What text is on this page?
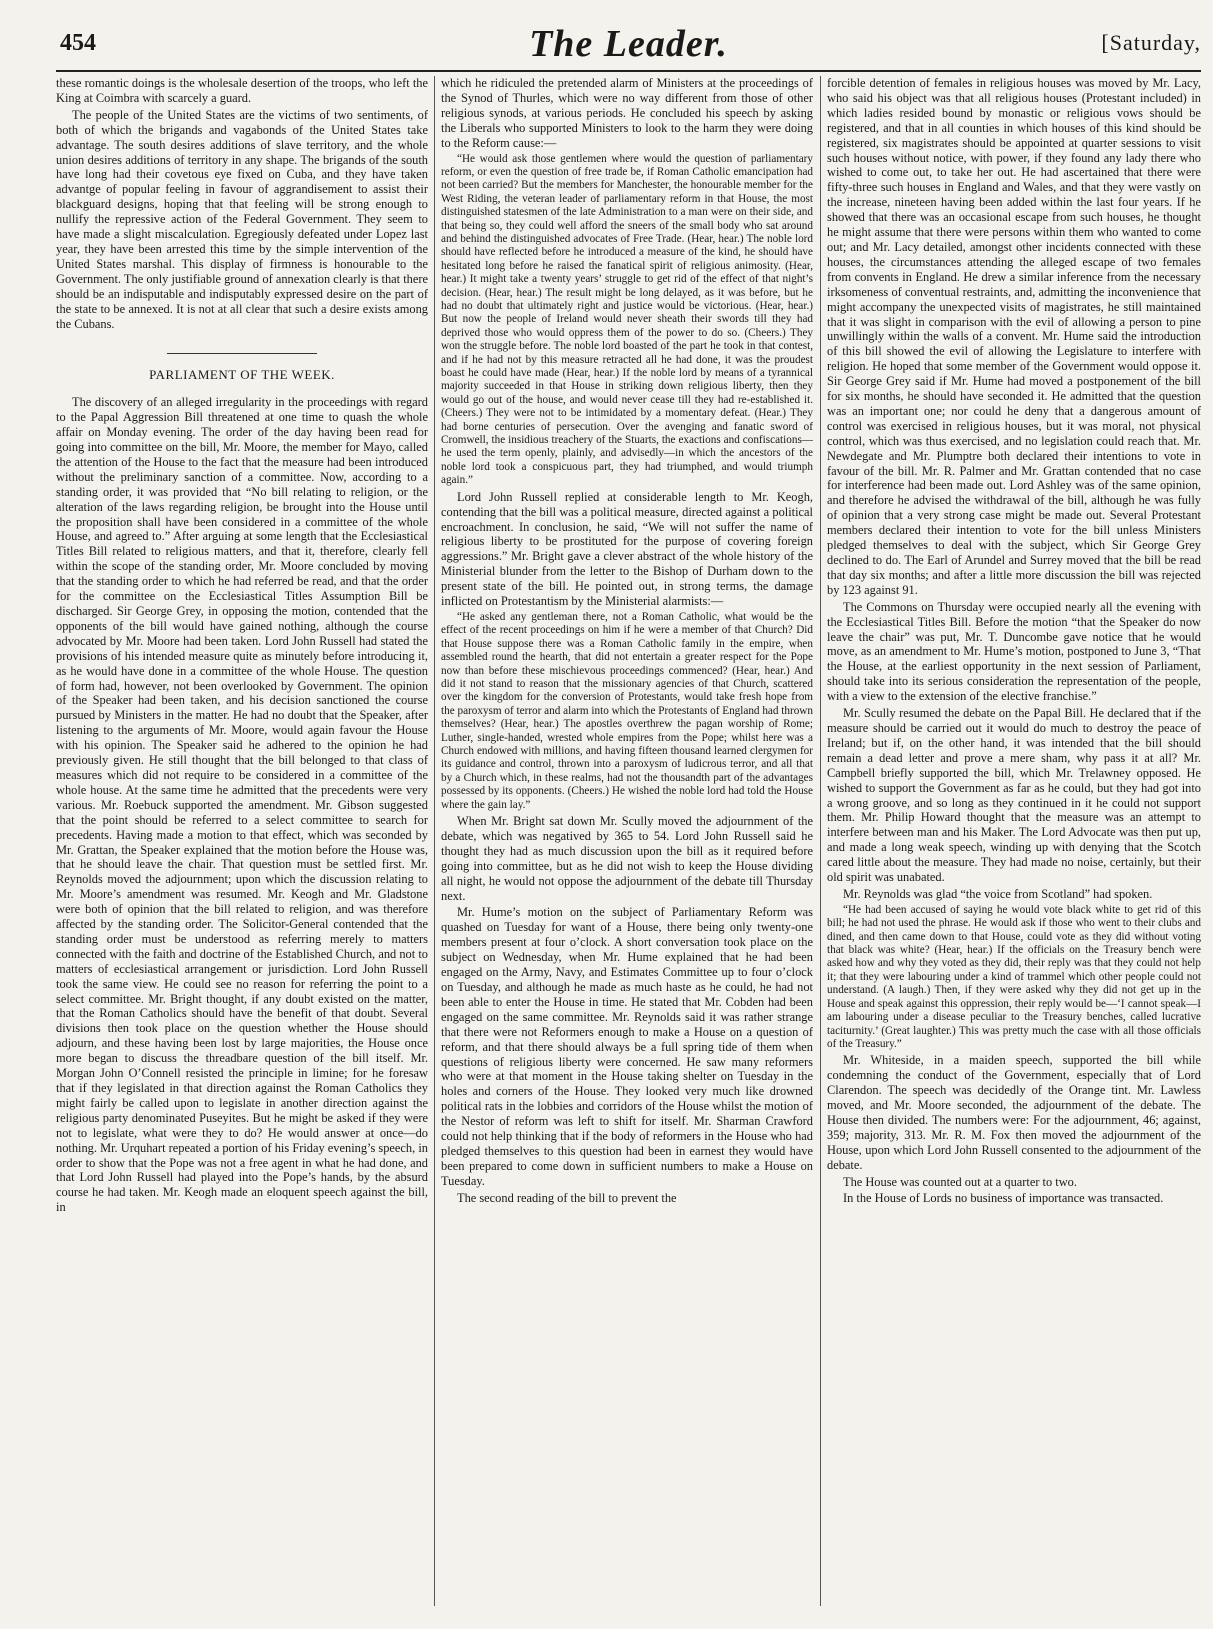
454	The Leader.	[Saturday,

these romantic doings is the wholesale desertion of the troops, who left the King at Coimbra with scarcely a guard.

The people of the United States are the victims of two sentiments, of both of which the brigands and vagabonds of the United States take advantage. The south desires additions of slave territory, and the whole union desires additions of territory in any shape. The brigands of the south have long had their covetous eye fixed on Cuba, and they have taken advantge of popular feeling in favour of aggrandisement to assist their blackguard designs, hoping that that feeling will be strong enough to nullify the repressive action of the Federal Government. They seem to have made a slight miscalculation. Egregiously defeated under Lopez last year, they have been arrested this time by the simple intervention of the United States marshal. This display of firmness is honourable to the Government. The only justifiable ground of annexation clearly is that there should be an indisputable and indisputably expressed desire on the part of the state to be annexed. It is not at all clear that such a desire exists among the Cubans.

PARLIAMENT OF THE WEEK.

The discovery of an alleged irregularity in the proceedings with regard to the Papal Aggression Bill threatened at one time to quash the whole affair on Monday evening. The order of the day having been read for going into committee on the bill, Mr. Moore, the member for Mayo, called the attention of the House to the fact that the measure had been introduced without the preliminary sanction of a committee. Now, according to a standing order, it was provided that “No bill relating to religion, or the alteration of the laws regarding religion, be brought into the House until the proposition shall have been considered in a committee of the whole House, and agreed to.” After arguing at some length that the Ecclesiastical Titles Bill related to religious matters, and that it, therefore, clearly fell within the scope of the standing order, Mr. Moore concluded by moving that the standing order to which he had referred be read, and that the order for the committee on the Ecclesiastical Titles Assumption Bill be discharged. Sir George Grey, in opposing the motion, contended that the opponents of the bill would have gained nothing, although the course advocated by Mr. Moore had been taken. Lord John Russell had stated the provisions of his intended measure quite as minutely before introducing it, as he would have done in a committee of the whole House. The question of form had, however, not been overlooked by Government. The opinion of the Speaker had been taken, and his decision sanctioned the course pursued by Ministers in the matter. He had no doubt that the Speaker, after listening to the arguments of Mr. Moore, would again favour the House with his opinion. The Speaker said he adhered to the opinion he had previously given. He still thought that the bill belonged to that class of measures which did not require to be considered in a committee of the whole house. At the same time he admitted that the precedents were very various. Mr. Roebuck supported the amendment. Mr. Gibson suggested that the point should be referred to a select committee to search for precedents. Having made a motion to that effect, which was seconded by Mr. Grattan, the Speaker explained that the motion before the House was, that he should leave the chair. That question must be settled first. Mr. Reynolds moved the adjournment; upon which the discussion relating to Mr. Moore’s amendment was resumed. Mr. Keogh and Mr. Gladstone were both of opinion that the bill related to religion, and was therefore affected by the standing order. The Solicitor-General contended that the standing order must be understood as referring merely to matters connected with the faith and doctrine of the Established Church, and not to matters of ecclesiastical arrangement or jurisdiction. Lord John Russell took the same view. He could see no reason for referring the point to a select committee. Mr. Bright thought, if any doubt existed on the matter, that the Roman Catholics should have the benefit of that doubt. Several divisions then took place on the question whether the House should adjourn, and these having been lost by large majorities, the House once more began to discuss the threadbare question of the bill itself. Mr. Morgan John O’Connell resisted the principle in limine; for he foresaw that if they legislated in that direction against the Roman Catholics they might fairly be called upon to legislate in another direction against the religious party denominated Puseyites. But he might be asked if they were not to legislate, what were they to do? He would answer at once—do nothing. Mr. Urquhart repeated a portion of his Friday evening’s speech, in order to show that the Pope was not a free agent in what he had done, and that Lord John Russell had played into the Pope’s hands, by the absurd course he had taken. Mr. Keogh made an eloquent speech against the bill, in

which he ridiculed the pretended alarm of Ministers at the proceedings of the Synod of Thurles, which were no way different from those of other religious synods, at various periods. He concluded his speech by asking the Liberals who supported Ministers to look to the harm they were doing to the Reform cause:—

“He would ask those gentlemen where would the question of parliamentary reform, or even the question of free trade be, if Roman Catholic emancipation had not been carried? But the members for Manchester, the honourable member for the West Riding, the veteran leader of parliamentary reform in that House, the most distinguished statesmen of the late Administration to a man were on their side, and that being so, they could well afford the sneers of the small body who sat around and behind the distinguished advocates of Free Trade. (Hear, hear.) The noble lord should have reflected before he introduced a measure of the kind, he should have hesitated long before he raised the fanatical spirit of religious animosity. (Hear, hear.) It might take a twenty years’ struggle to get rid of the effect of that night’s decision. (Hear, hear.) The result might be long delayed, as it was before, but he had no doubt that ultimately right and justice would be victorious. (Hear, hear.) But now the people of Ireland would never sheath their swords till they had deprived those who would oppress them of the power to do so. (Cheers.) They won the struggle before. The noble lord boasted of the part he took in that contest, and if he had not by this measure retracted all he had done, it was the proudest boast he could have made (Hear, hear.) If the noble lord by means of a tyrannical majority succeeded in that House in striking down religious liberty, then they would go out of the house, and would never cease till they had re-established it. (Cheers.) They were not to be intimidated by a momentary defeat. (Hear.) They had borne centuries of persecution. Over the avenging and fanatic sword of Cromwell, the insidious treachery of the Stuarts, the exactions and confiscations—he used the term openly, plainly, and advisedly—in which the ancestors of the noble lord took a conspicuous part, they had triumphed, and would triumph again.”

Lord John Russell replied at considerable length to Mr. Keogh, contending that the bill was a political measure, directed against a political encroachment. In conclusion, he said, “We will not suffer the name of religious liberty to be prostituted for the purpose of covering foreign aggressions.” Mr. Bright gave a clever abstract of the whole history of the Ministerial blunder from the letter to the Bishop of Durham down to the present state of the bill. He pointed out, in strong terms, the damage inflicted on Protestantism by the Ministerial alarmists:—

“He asked any gentleman there, not a Roman Catholic, what would be the effect of the recent proceedings on him if he were a member of that Church? Did that House suppose there was a Roman Catholic family in the empire, when assembled round the hearth, that did not entertain a greater respect for the Pope now than before these mischievous proceedings commenced? (Hear, hear.) And did it not stand to reason that the missionary agencies of that Church, scattered over the kingdom for the conversion of Protestants, would take fresh hope from the paroxysm of terror and alarm into which the Protestants of England had thrown themselves? (Hear, hear.) The apostles overthrew the pagan worship of Rome; Luther, single-handed, wrested whole empires from the Pope; whilst here was a Church endowed with millions, and having fifteen thousand learned clergymen for its guidance and control, thrown into a paroxysm of ludicrous terror, and all that by a Church which, in these realms, had not the thousandth part of the advantages possessed by its opponents. (Cheers.) He wished the noble lord had told the House where the gain lay.”

When Mr. Bright sat down Mr. Scully moved the adjournment of the debate, which was negatived by 365 to 54. Lord John Russell said he thought they had as much discussion upon the bill as it required before going into committee, but as he did not wish to keep the House dividing all night, he would not oppose the adjournment of the debate till Thursday next.

Mr. Hume’s motion on the subject of Parliamentary Reform was quashed on Tuesday for want of a House, there being only twenty-one members present at four o’clock. A short conversation took place on the subject on Wednesday, when Mr. Hume explained that he had been engaged on the Army, Navy, and Estimates Committee up to four o’clock on Tuesday, and although he made as much haste as he could, he had not been able to enter the House in time. He stated that Mr. Cobden had been engaged on the same committee. Mr. Reynolds said it was rather strange that there were not Reformers enough to make a House on a question of reform, and that there should always be a full spring tide of them when questions of religious liberty were concerned. He saw many reformers who were at that moment in the House taking shelter on Tuesday in the holes and corners of the House. They looked very much like drowned political rats in the lobbies and corridors of the House whilst the motion of the Nestor of reform was left to shift for itself. Mr. Sharman Crawford could not help thinking that if the body of reformers in the House who had pledged themselves to this question had been in earnest they would have been prepared to come down in sufficient numbers to make a House on Tuesday.

The second reading of the bill to prevent the

forcible detention of females in religious houses was moved by Mr. Lacy, who said his object was that all religious houses (Protestant included) in which ladies resided bound by monastic or religious vows should be registered, and that in all counties in which houses of this kind should be registered, six magistrates should be appointed at quarter sessions to visit such houses without notice, with power, if they found any lady there who wished to come out, to take her out. He had ascertained that there were fifty-three such houses in England and Wales, and that they were vastly on the increase, nineteen having been added within the last four years. If he showed that there was an occasional escape from such houses, he thought he might assume that there were persons within them who wanted to come out; and Mr. Lacy detailed, amongst other incidents connected with these houses, the circumstances attending the alleged escape of two females from convents in England. He drew a similar inference from the necessary irksomeness of conventual restraints, and, admitting the inconvenience that might accompany the unexpected visits of magistrates, he still maintained that it was slight in comparison with the evil of allowing a person to pine unwillingly within the walls of a convent. Mr. Hume said the introduction of this bill showed the evil of allowing the Legislature to interfere with religion. He hoped that some member of the Government would oppose it. Sir George Grey said if Mr. Hume had moved a postponement of the bill for six months, he should have seconded it. He admitted that the question was an important one; nor could he deny that a dangerous amount of control was exercised in religious houses, but it was moral, not physical control, which was thus exercised, and no legislation could reach that. Mr. Newdegate and Mr. Plumptre both declared their intentions to vote in favour of the bill. Mr. R. Palmer and Mr. Grattan contended that no case for interference had been made out. Lord Ashley was of the same opinion, and therefore he advised the withdrawal of the bill, although he was fully of opinion that a very strong case might be made out. Several Protestant members declared their intention to vote for the bill unless Ministers pledged themselves to deal with the subject, which Sir George Grey declined to do. The Earl of Arundel and Surrey moved that the bill be read that day six months; and after a little more discussion the bill was rejected by 123 against 91.

The Commons on Thursday were occupied nearly all the evening with the Ecclesiastical Titles Bill. Before the motion “that the Speaker do now leave the chair” was put, Mr. T. Duncombe gave notice that he would move, as an amendment to Mr. Hume’s motion, postponed to June 3, “That the House, at the earliest opportunity in the next session of Parliament, should take into its serious consideration the representation of the people, with a view to the extension of the elective franchise.”

Mr. Scully resumed the debate on the Papal Bill. He declared that if the measure should be carried out it would do much to destroy the peace of Ireland; but if, on the other hand, it was intended that the bill should remain a dead letter and prove a mere sham, why pass it at all? Mr. Campbell briefly supported the bill, which Mr. Trelawney opposed. He wished to support the Government as far as he could, but they had got into a wrong groove, and so long as they continued in it he could not support them. Mr. Philip Howard thought that the measure was an attempt to interfere between man and his Maker. The Lord Advocate was then put up, and made a long weak speech, winding up with denying that the Scotch cared little about the measure. They had made no noise, certainly, but their old spirit was unabated.

Mr. Reynolds was glad “the voice from Scotland” had spoken.

“He had been accused of saying he would vote black white to get rid of this bill; he had not used the phrase. He would ask if those who went to their clubs and dined, and then came down to that House, could vote as they did without voting that black was white? (Hear, hear.) If the officials on the Treasury bench were asked how and why they voted as they did, their reply was that they could not help it; that they were labouring under a kind of trammel which other people could not understand. (A laugh.) Then, if they were asked why they did not get up in the House and speak against this oppression, their reply would be—‘I cannot speak—I am labouring under a disease peculiar to the Treasury benches, called lucrative taciturnity.’ (Great laughter.) This was pretty much the case with all those officials of the Treasury.”

Mr. Whiteside, in a maiden speech, supported the bill while condemning the conduct of the Government, especially that of Lord Clarendon. The speech was decidedly of the Orange tint. Mr. Lawless moved, and Mr. Moore seconded, the adjournment of the debate. The House then divided. The numbers were: For the adjournment, 46; against, 359; majority, 313. Mr. R. M. Fox then moved the adjournment of the House, upon which Lord John Russell consented to the adjournment of the debate.

The House was counted out at a quarter to two.

In the House of Lords no business of importance was transacted.
